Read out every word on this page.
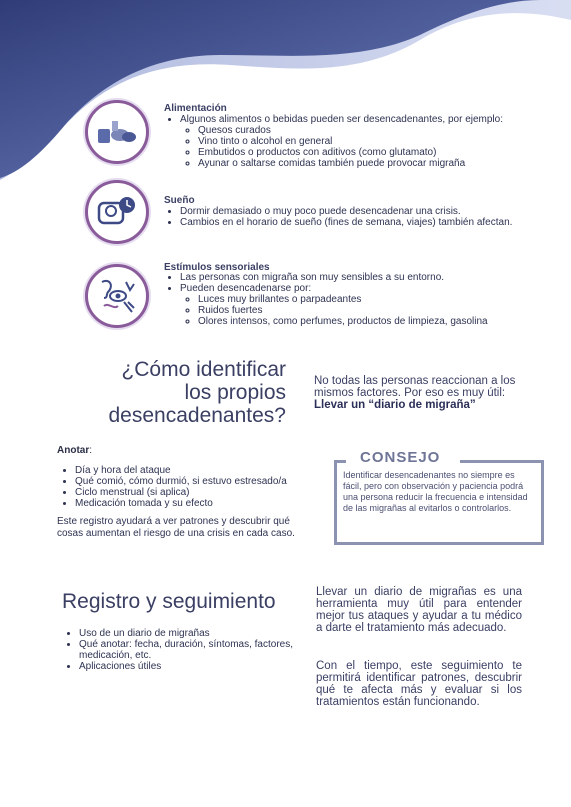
Alimentación
• Algunos alimentos o bebidas pueden ser desencadenantes, por ejemplo:
◦ Quesos curados
◦ Vino tinto o alcohol en general
◦ Embutidos o productos con aditivos (como glutamato)
◦ Ayunar o saltarse comidas también puede provocar migraña
Sueño
• Dormir demasiado o muy poco puede desencadenar una crisis.
• Cambios en el horario de sueño (fines de semana, viajes) también afectan.
Estímulos sensoriales
• Las personas con migraña son muy sensibles a su entorno.
• Pueden desencadenarse por:
◦ Luces muy brillantes o parpadeantes
◦ Ruidos fuertes
◦ Olores intensos, como perfumes, productos de limpieza, gasolina
¿Cómo identificar
los propios
desencadenantes?
No todas las personas reaccionan a los mismos factores. Por eso es muy útil:
Llevar un “diario de migraña”
Anotar:
• Día y hora del ataque
• Qué comió, cómo durmió, si estuvo estresado/a
• Ciclo menstrual (si aplica)
• Medicación tomada y su efecto
Este registro ayudará a ver patrones y descubrir qué cosas aumentan el riesgo de una crisis en cada caso.
CONSEJO
Identificar desencadenantes no siempre es fácil, pero con observación y paciencia podrá una persona reducir la frecuencia e intensidad de las migrañas al evitarlos o controlarlos.
Registro y seguimiento
• Uso de un diario de migrañas
• Qué anotar: fecha, duración, síntomas, factores, medicación, etc.
• Aplicaciones útiles
Llevar un diario de migrañas es una herramienta muy útil para entender mejor tus ataques y ayudar a tu médico a darte el tratamiento más adecuado.
Con el tiempo, este seguimiento te permitirá identificar patrones, descubrir qué te afecta más y evaluar si los tratamientos están funcionando.
